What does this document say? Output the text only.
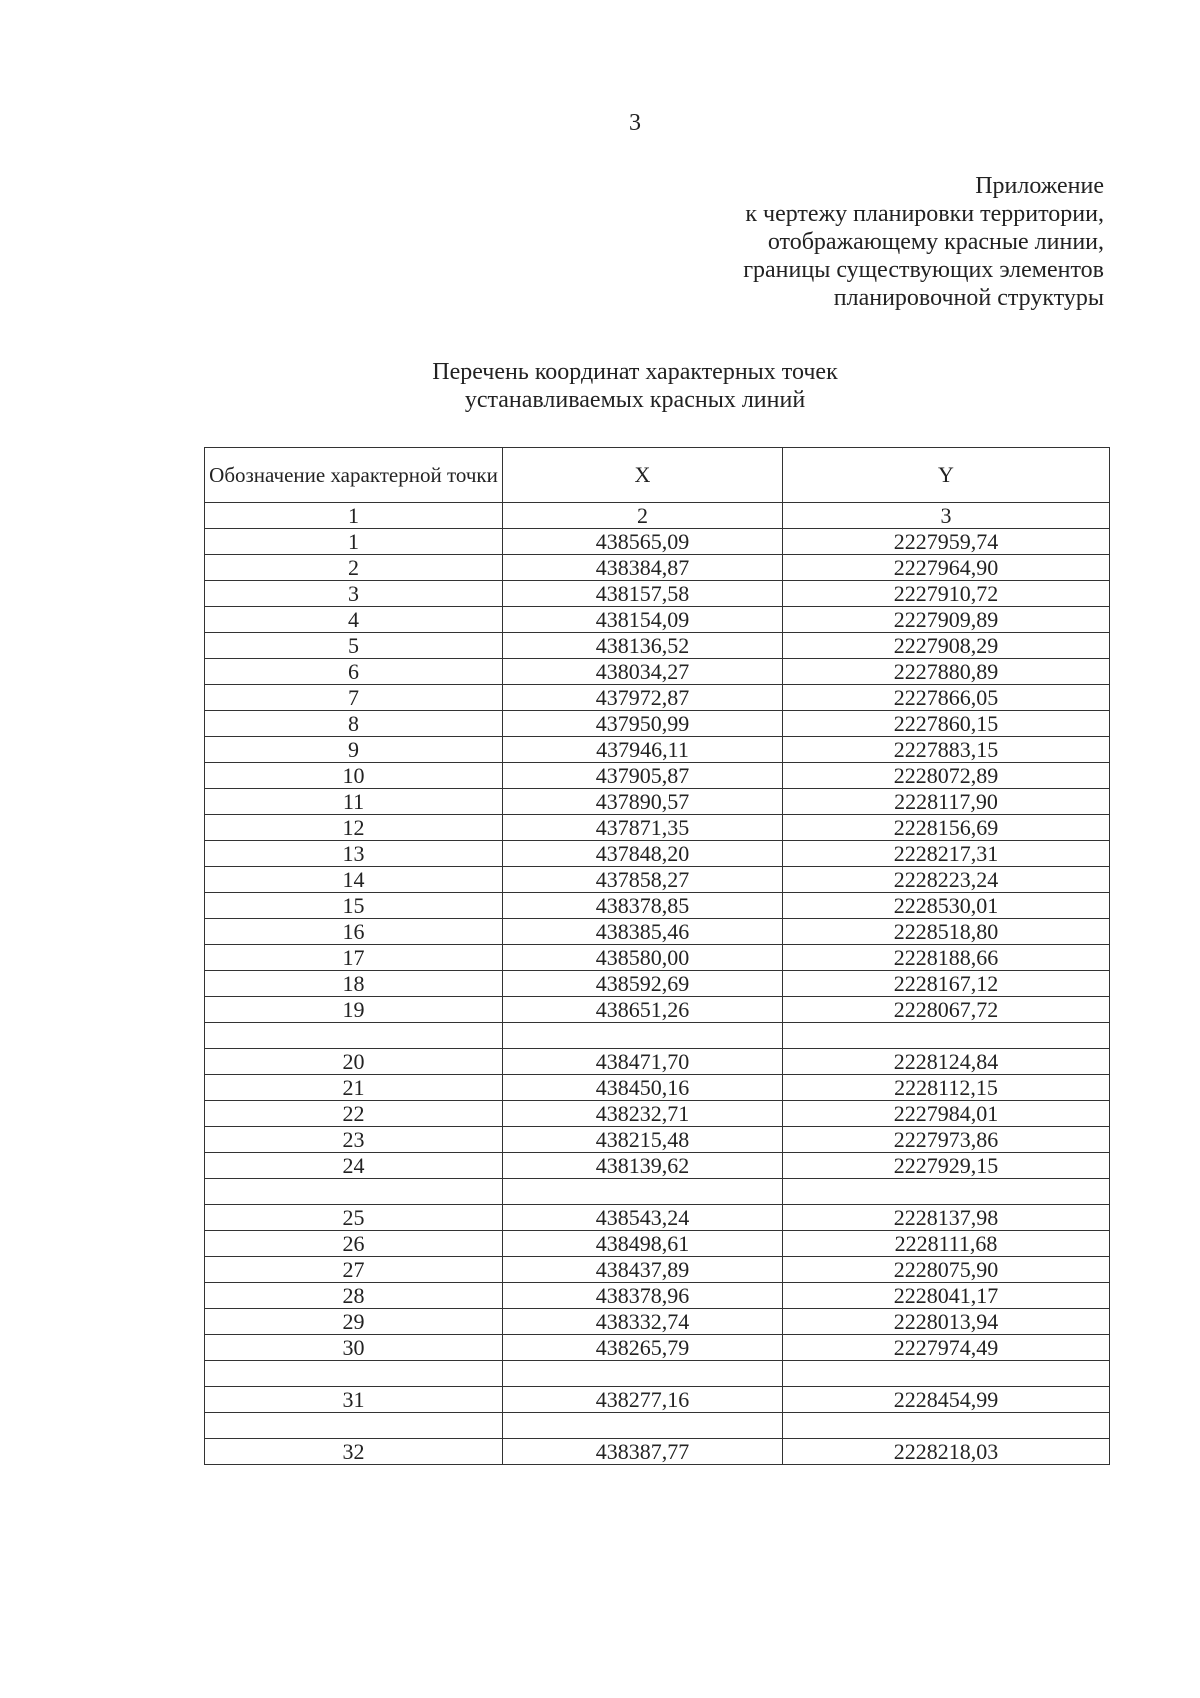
3
Приложение
к чертежу планировки территории,
отображающему красные линии,
границы существующих элементов
планировочной структуры
Перечень координат характерных точек
устанавливаемых красных линий
Обозначение характерной точки	X	Y
1	2	3
1	438565,09	2227959,74
2	438384,87	2227964,90
3	438157,58	2227910,72
4	438154,09	2227909,89
5	438136,52	2227908,29
6	438034,27	2227880,89
7	437972,87	2227866,05
8	437950,99	2227860,15
9	437946,11	2227883,15
10	437905,87	2228072,89
11	437890,57	2228117,90
12	437871,35	2228156,69
13	437848,20	2228217,31
14	437858,27	2228223,24
15	438378,85	2228530,01
16	438385,46	2228518,80
17	438580,00	2228188,66
18	438592,69	2228167,12
19	438651,26	2228067,72

20	438471,70	2228124,84
21	438450,16	2228112,15
22	438232,71	2227984,01
23	438215,48	2227973,86
24	438139,62	2227929,15

25	438543,24	2228137,98
26	438498,61	2228111,68
27	438437,89	2228075,90
28	438378,96	2228041,17
29	438332,74	2228013,94
30	438265,79	2227974,49

31	438277,16	2228454,99

32	438387,77	2228218,03
